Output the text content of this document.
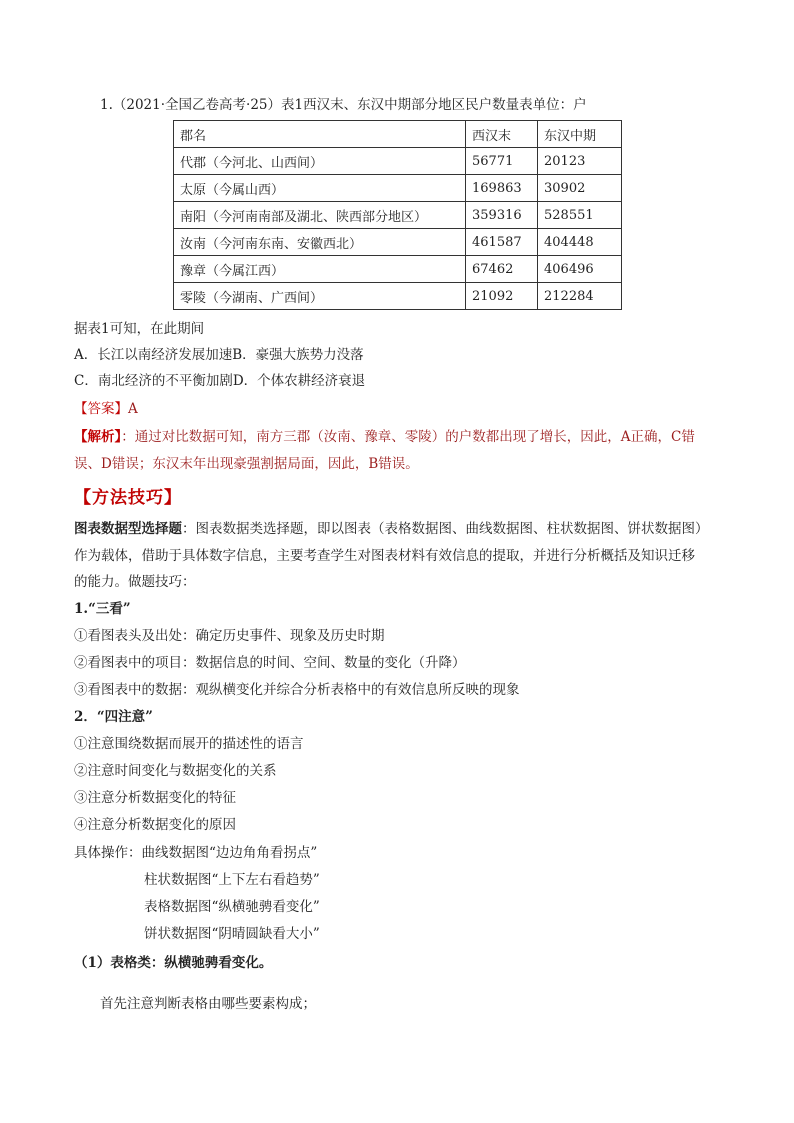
1.（2021·全国乙卷高考·25）表1西汉末、东汉中期部分地区民户数量表单位：户
郡名	西汉末	东汉中期
代郡（今河北、山西间）	56771	20123
太原（今属山西）	169863	30902
南阳（今河南南部及湖北、陕西部分地区）	359316	528551
汝南（今河南东南、安徽西北）	461587	404448
豫章（今属江西）	67462	406496
零陵（今湖南、广西间）	21092	212284
据表1可知，在此期间
A．长江以南经济发展加速B．豪强大族势力没落
C．南北经济的不平衡加剧D．个体农耕经济衰退
【答案】A
【解析】：通过对比数据可知，南方三郡（汝南、豫章、零陵）的户数都出现了增长，因此，A正确，C错
误、D错误；东汉末年出现豪强割据局面，因此，B错误。
【方法技巧】
图表数据型选择题：图表数据类选择题，即以图表（表格数据图、曲线数据图、柱状数据图、饼状数据图）
作为载体，借助于具体数字信息，主要考查学生对图表材料有效信息的提取，并进行分析概括及知识迁移
的能力。做题技巧：
1.“三看”
①看图表头及出处：确定历史事件、现象及历史时期
②看图表中的项目：数据信息的时间、空间、数量的变化（升降）
③看图表中的数据：观纵横变化并综合分析表格中的有效信息所反映的现象
2．“四注意”
①注意围绕数据而展开的描述性的语言
②注意时间变化与数据变化的关系
③注意分析数据变化的特征
④注意分析数据变化的原因
具体操作：曲线数据图“边边角角看拐点”
柱状数据图“上下左右看趋势”
表格数据图“纵横驰骋看变化”
饼状数据图“阴晴圆缺看大小”
（1）表格类：纵横驰骋看变化。
首先注意判断表格由哪些要素构成；
